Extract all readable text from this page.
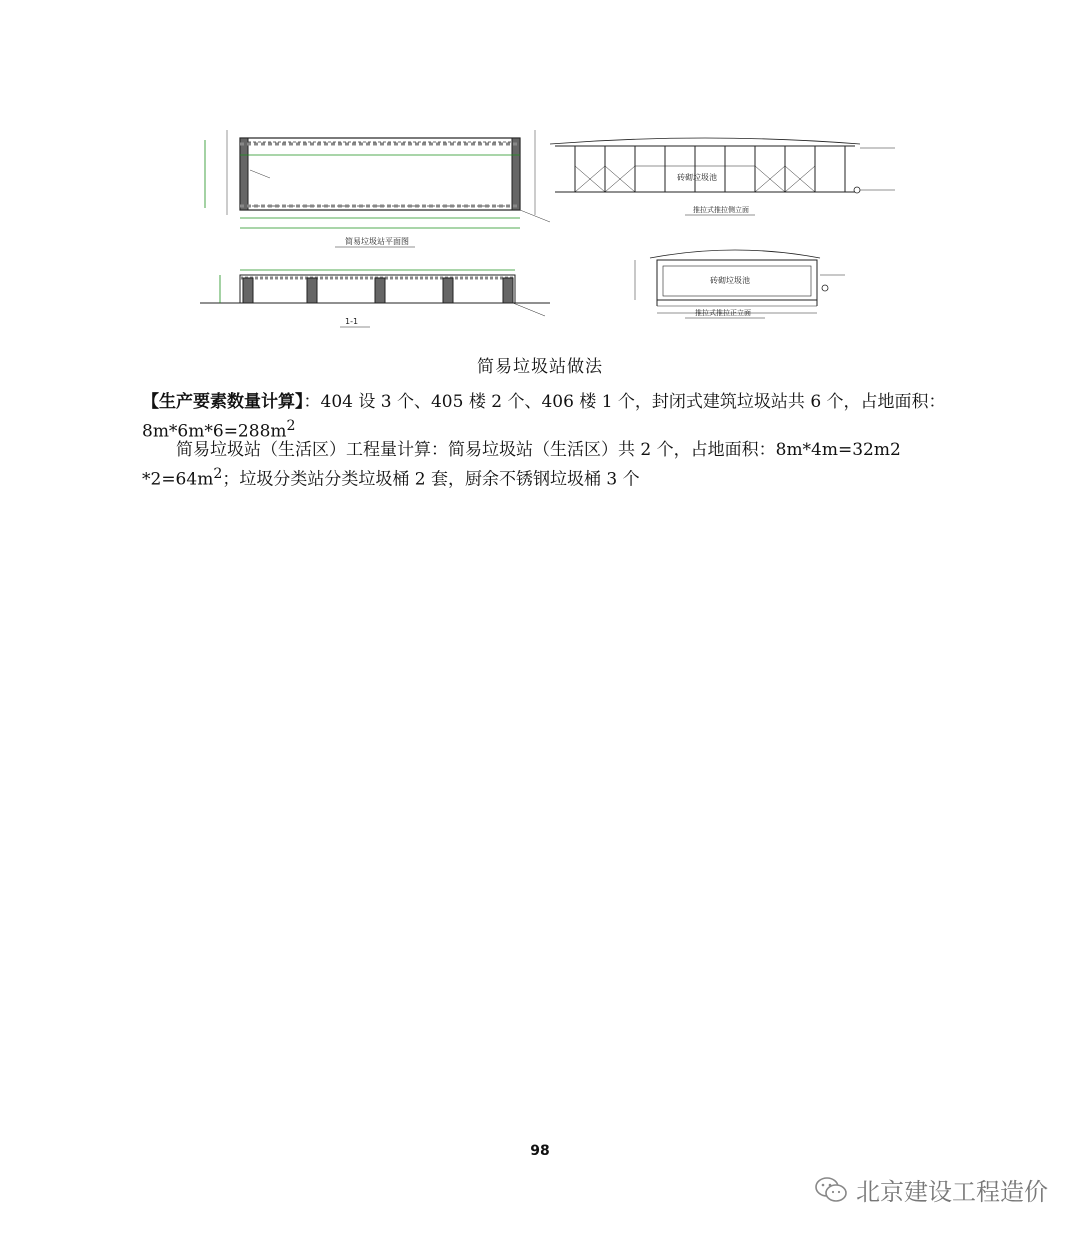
简易垃圾站平面图
1-1
砖砌垃圾池
推拉式推拉侧立面
砖砌垃圾池
推拉式推拉正立面
简易垃圾站做法

【生产要素数量计算】：404 设 3 个、405 楼 2 个、406 楼 1 个，封闭式建筑垃圾站共 6 个，占地面积：$8m*6m*6=288m^2$

简易垃圾站（生活区）工程量计算：简易垃圾站（生活区）共 2 个，占地面积：8m*4m=32m2 $*2=64m^2$；垃圾分类站分类垃圾桶 2 套，厨余不锈钢垃圾桶 3 个

98
北京建设工程造价
